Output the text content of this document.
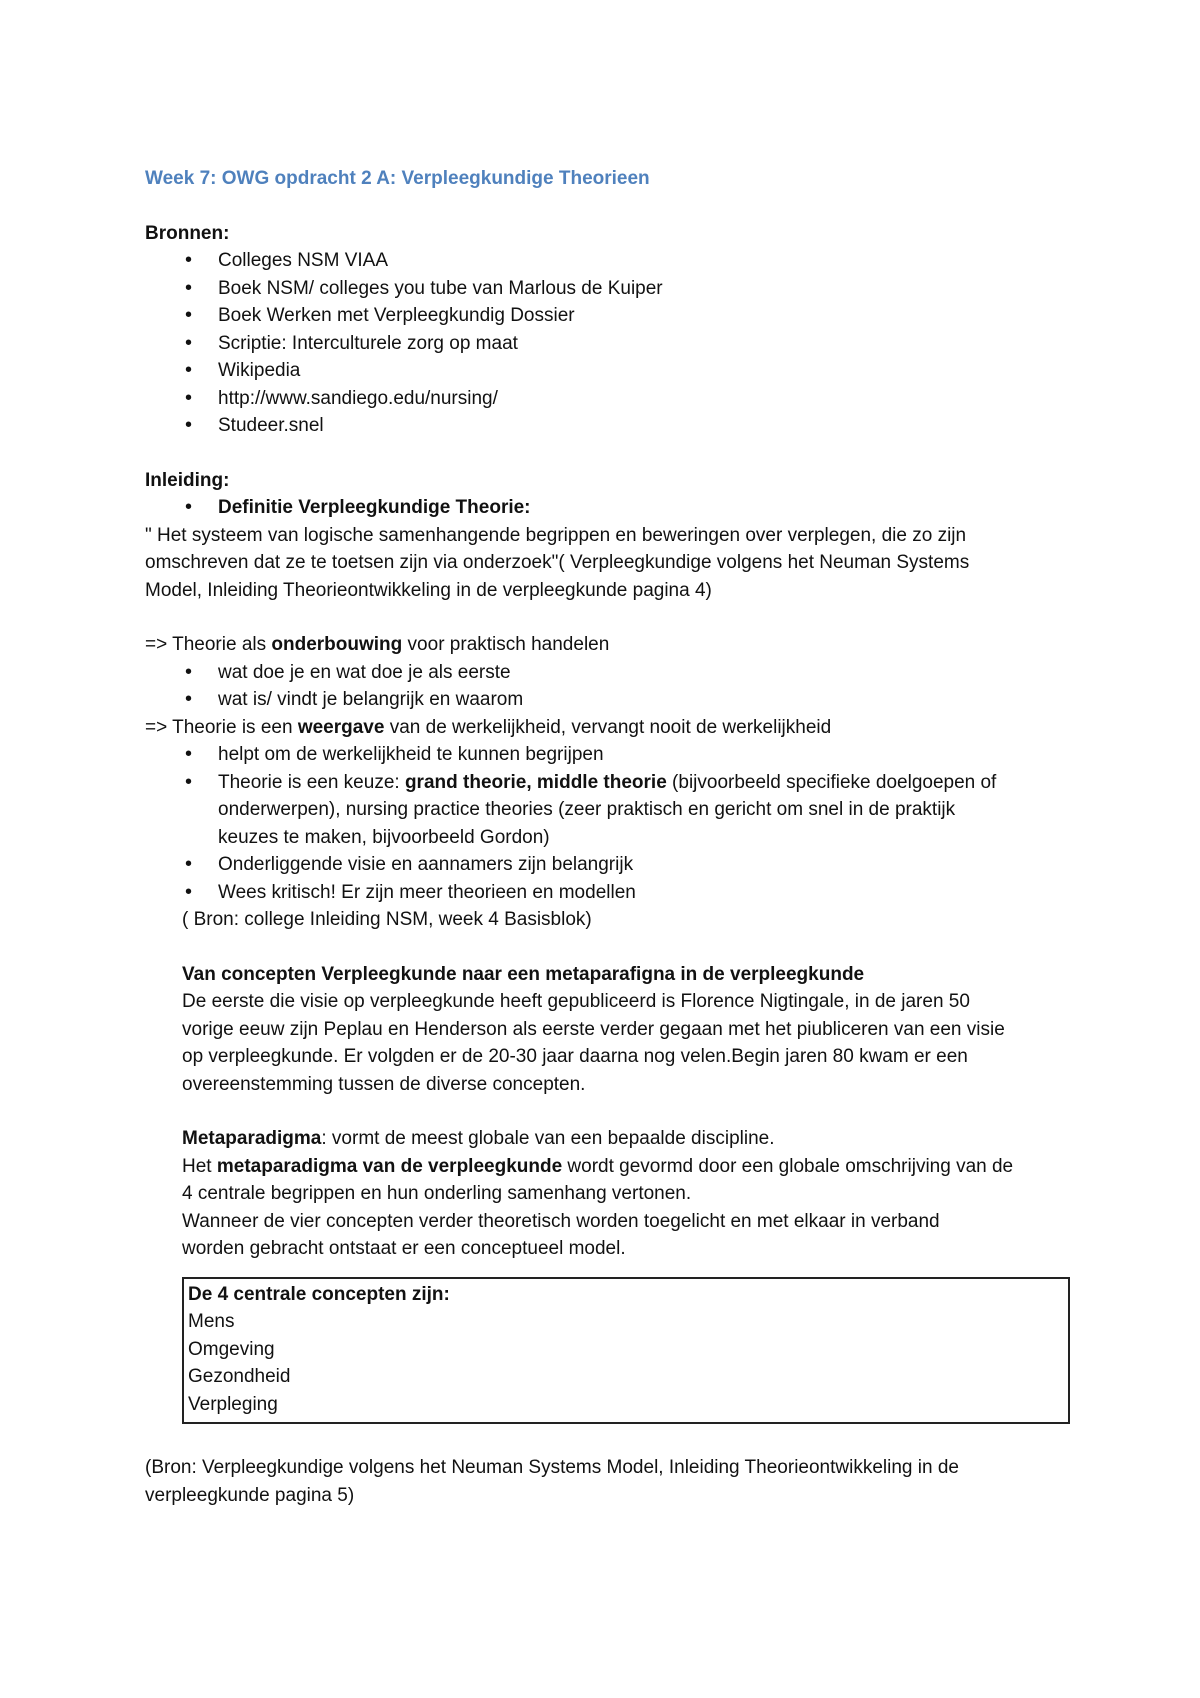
Week 7: OWG opdracht 2 A: Verpleegkundige Theorieen

Bronnen:

• Colleges NSM VIAA
• Boek NSM/ colleges you tube van Marlous de Kuiper
• Boek Werken met Verpleegkundig Dossier
• Scriptie: Interculturele zorg op maat
• Wikipedia
• http://www.sandiego.edu/nursing/
• Studeer.snel

Inleiding:

• Definitie Verpleegkundige Theorie:

" Het systeem van logische samenhangende begrippen en beweringen over verplegen, die zo zijn

omschreven dat ze te toetsen zijn via onderzoek"( Verpleegkundige volgens het Neuman Systems

Model, Inleiding Theorieontwikkeling in de verpleegkunde pagina 4)

=> Theorie als onderbouwing voor praktisch handelen

• wat doe je en wat doe je als eerste
• wat is/ vindt je belangrijk en waarom

=> Theorie is een weergave van de werkelijkheid, vervangt nooit de werkelijkheid

• helpt om de werkelijkheid te kunnen begrijpen
• Theorie is een keuze: grand theorie, middle theorie (bijvoorbeeld specifieke doelgoepen of
onderwerpen), nursing practice theories (zeer praktisch en gericht om snel in de praktijk
keuzes te maken, bijvoorbeeld Gordon)
• Onderliggende visie en aannamers zijn belangrijk
• Wees kritisch! Er zijn meer theorieen en modellen

( Bron: college Inleiding NSM, week 4 Basisblok)

Van concepten Verpleegkunde naar een metaparafigna in de verpleegkunde

De eerste die visie op verpleegkunde heeft gepubliceerd is Florence Nigtingale, in de jaren 50

vorige eeuw zijn Peplau en Henderson als eerste verder gegaan met het piubliceren van een visie

op verpleegkunde. Er volgden er de 20-30 jaar daarna nog velen.Begin jaren 80 kwam er een

overeenstemming tussen de diverse concepten.

Metaparadigma: vormt de meest globale van een bepaalde discipline.

Het metaparadigma van de verpleegkunde wordt gevormd door een globale omschrijving van de

4 centrale begrippen en hun onderling samenhang vertonen.

Wanneer de vier concepten verder theoretisch worden toegelicht en met elkaar in verband

worden gebracht ontstaat er een conceptueel model.

De 4 centrale concepten zijn:

Mens

Omgeving

Gezondheid

Verpleging

(Bron: Verpleegkundige volgens het Neuman Systems Model, Inleiding Theorieontwikkeling in de

verpleegkunde pagina 5)
